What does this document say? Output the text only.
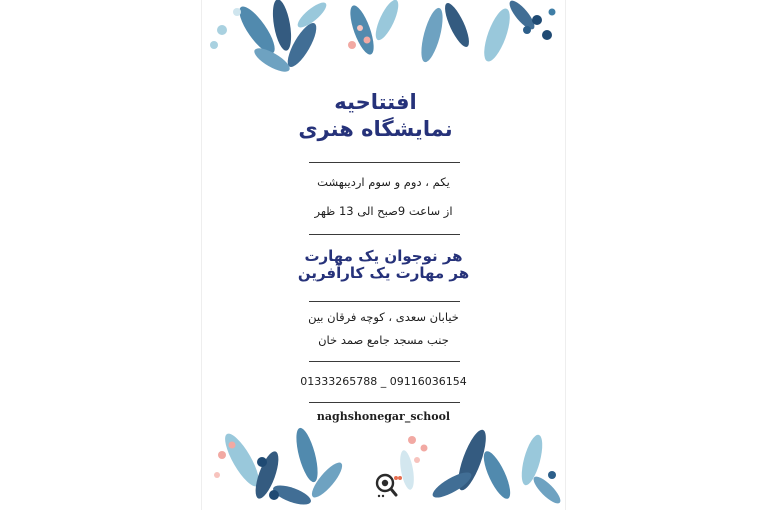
افتتاحیه
نمایشگاه هنری
یکم ، دوم و سوم اردیبهشت
از ساعت 9صبح الی 13 ظهر
هر نوجوان یک مهارت
هر مهارت یک کارآفرین
خیابان سعدی ، کوچه فرقان بین
جنب مسجد جامع صمد خان
01333265788 _ 09116036154
naghshonegar_school
